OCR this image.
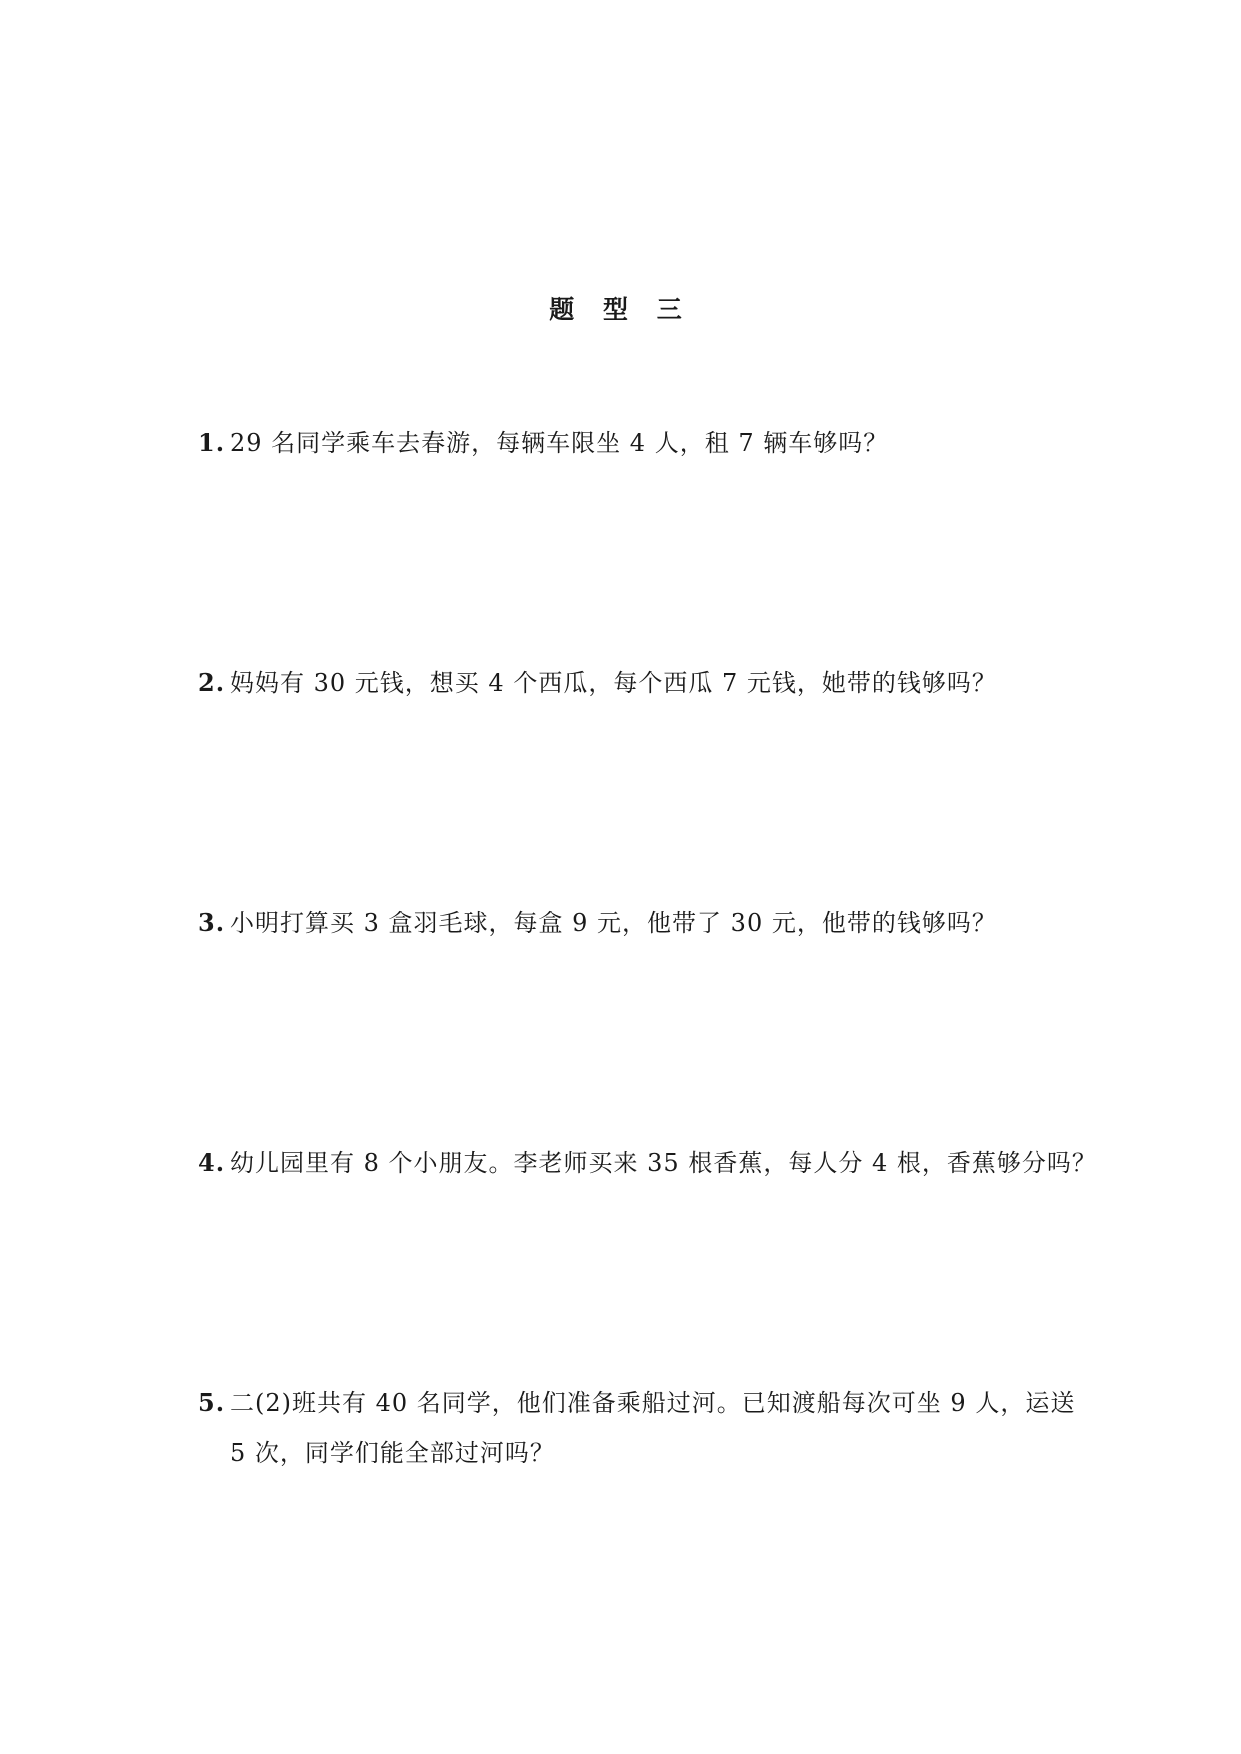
题 型 三
1. 29 名同学乘车去春游，每辆车限坐 4 人，租 7 辆车够吗？
2. 妈妈有 30 元钱，想买 4 个西瓜，每个西瓜 7 元钱，她带的钱够吗？
3. 小明打算买 3 盒羽毛球，每盒 9 元，他带了 30 元，他带的钱够吗？
4. 幼儿园里有 8 个小朋友。李老师买来 35 根香蕉，每人分 4 根，香蕉够分吗？
5. 二(2)班共有 40 名同学，他们准备乘船过河。已知渡船每次可坐 9 人，运送
5 次，同学们能全部过河吗？
